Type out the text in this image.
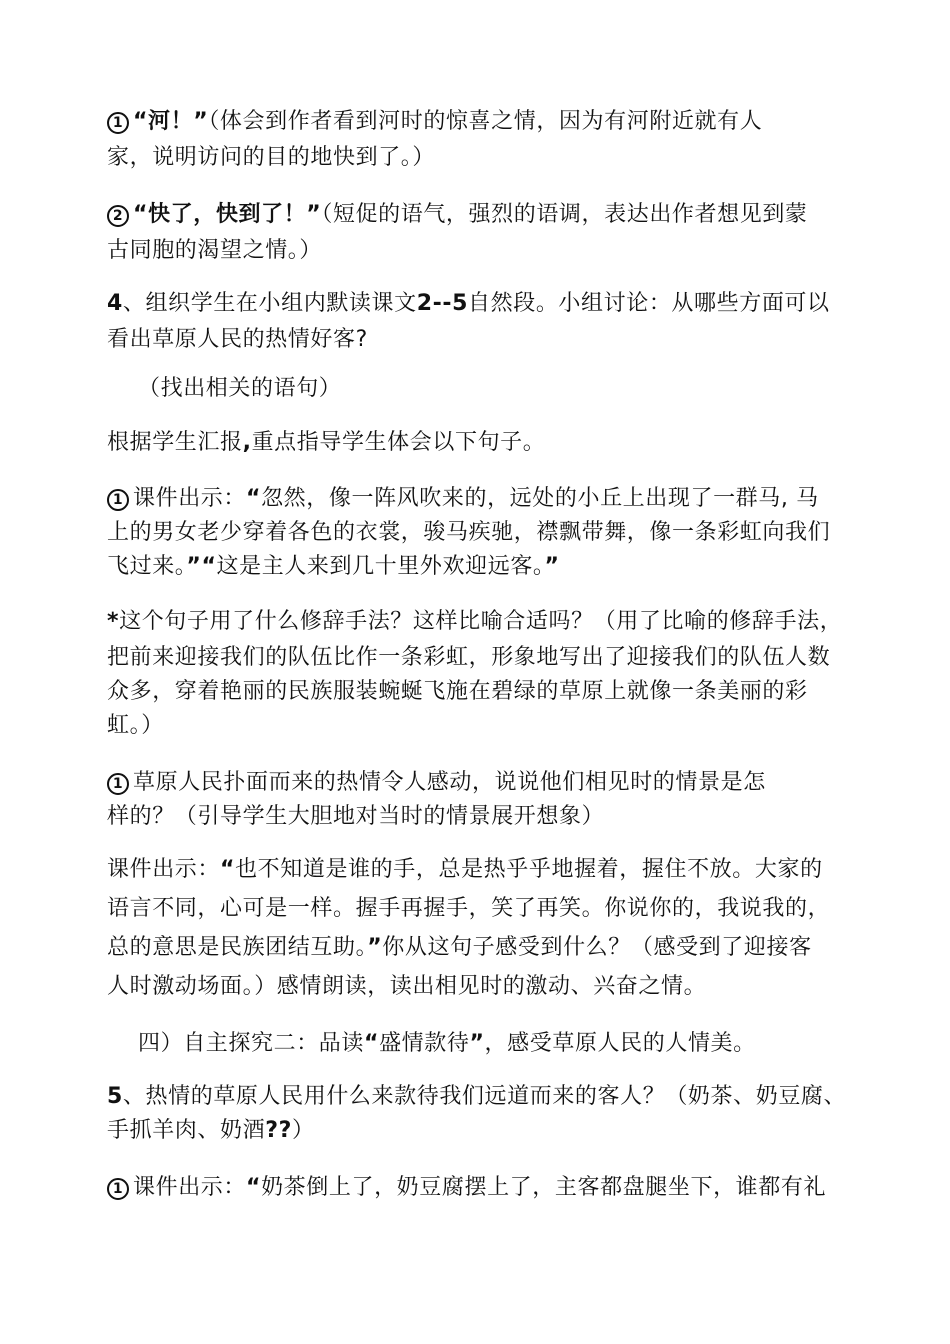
1 “河！”（体会到作者看到河时的惊喜之情，因为有河附近就有人
家，说明访问的目的地快到了。）
2 “快了，快到了！”（短促的语气，强烈的语调，表达出作者想见到蒙
古同胞的渴望之情。）
4、组织学生在小组内默读课文2--5自然段。小组讨论：从哪些方面可以
看出草原人民的热情好客?
（找出相关的语句）
根据学生汇报,重点指导学生体会以下句子。
1 课件出示：“忽然，像一阵风吹来的，远处的小丘上出现了一群马, 马
上的男女老少穿着各色的衣裳，骏马疾驰，襟飘带舞，像一条彩虹向我们
飞过来。”“这是主人来到几十里外欢迎远客。”
*这个句子用了什么修辞手法？这样比喻合适吗？（用了比喻的修辞手法，
把前来迎接我们的队伍比作一条彩虹，形象地写出了迎接我们的队伍人数
众多，穿着艳丽的民族服装蜿蜒飞施在碧绿的草原上就像一条美丽的彩
虹。）
1 草原人民扑面而来的热情令人感动，说说他们相见时的情景是怎
样的？（引导学生大胆地对当时的情景展开想象）
课件出示：“也不知道是谁的手，总是热乎乎地握着，握住不放。大家的
语言不同，心可是一样。握手再握手，笑了再笑。你说你的，我说我的，
总的意思是民族团结互助。”你从这句子感受到什么？（感受到了迎接客
人时激动场面。）感情朗读，读出相见时的激动、兴奋之情。
四）自主探究二：品读“盛情款待”，感受草原人民的人情美。
5、热情的草原人民用什么来款待我们远道而来的客人？（奶茶、奶豆腐、
手抓羊肉、奶酒??）
1 课件出示：“奶茶倒上了，奶豆腐摆上了，主客都盘腿坐下，谁都有礼
